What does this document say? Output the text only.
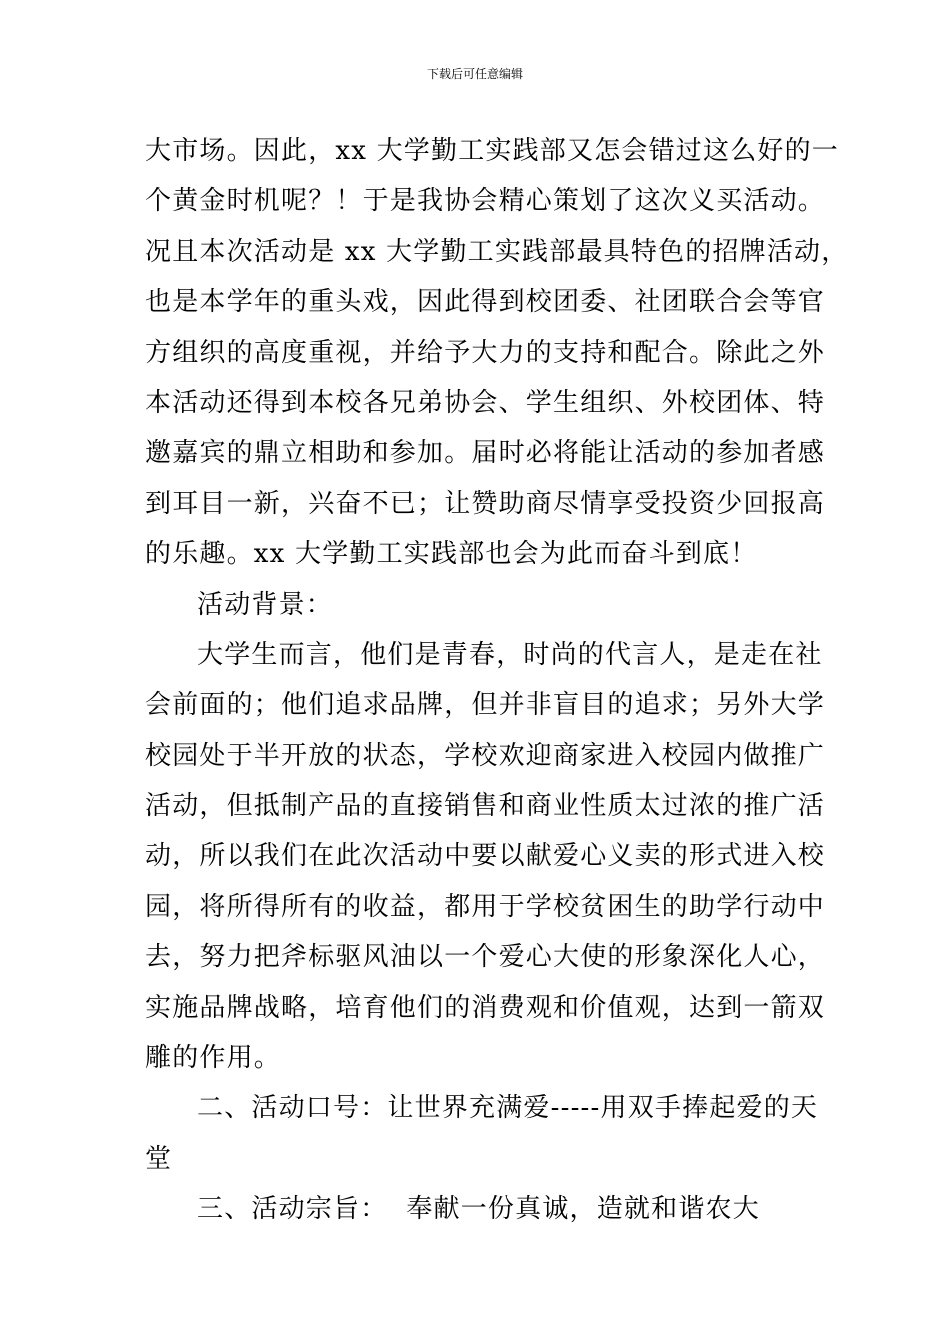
下载后可任意编辑
大市场。因此，xx 大学勤工实践部又怎会错过这么好的一
个黄金时机呢？！于是我协会精心策划了这次义买活动。
况且本次活动是 xx 大学勤工实践部最具特色的招牌活动，
也是本学年的重头戏，因此得到校团委、社团联合会等官
方组织的高度重视，并给予大力的支持和配合。除此之外
本活动还得到本校各兄弟协会、学生组织、外校团体、特
邀嘉宾的鼎立相助和参加。届时必将能让活动的参加者感
到耳目一新，兴奋不已；让赞助商尽情享受投资少回报高
的乐趣。xx 大学勤工实践部也会为此而奋斗到底！
活动背景：
大学生而言，他们是青春，时尚的代言人，是走在社
会前面的；他们追求品牌，但并非盲目的追求；另外大学
校园处于半开放的状态，学校欢迎商家进入校园内做推广
活动，但抵制产品的直接销售和商业性质太过浓的推广活
动，所以我们在此次活动中要以献爱心义卖的形式进入校
园，将所得所有的收益，都用于学校贫困生的助学行动中
去，努力把斧标驱风油以一个爱心大使的形象深化人心，
实施品牌战略，培育他们的消费观和价值观，达到一箭双
雕的作用。
二、活动口号：让世界充满爱-----用双手捧起爱的天
堂
三、活动宗旨：  奉献一份真诚，造就和谐农大
